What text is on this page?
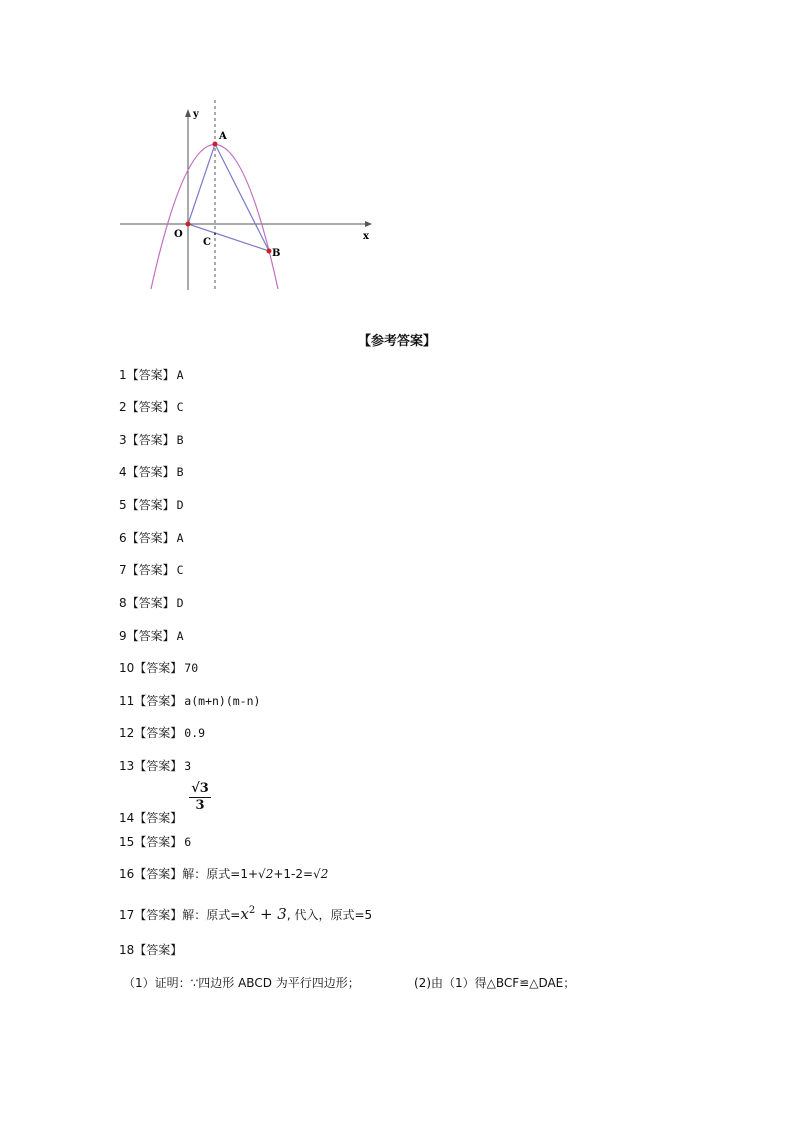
y
x
A
O
C
B
【参考答案】
1【答案】 A
2【答案】 C
3【答案】 B
4【答案】 B
5【答案】 D
6【答案】 A
7【答案】 C
8【答案】 D
9【答案】 A
10【答案】 70
11【答案】 a(m+n)(m-n)
12【答案】 0.9
13【答案】 3
14【答案】
$\frac{√3}{3}$
15【答案】 6
16【答案】解：原式=1+√2+1-2=√2
17【答案】解：原式$=x^2 + 3$, 代入，原式=5
18【答案】
（1）证明：∵四边形 ABCD 为平行四边形；	(2)由（1）得△BCF≌△DAE；
